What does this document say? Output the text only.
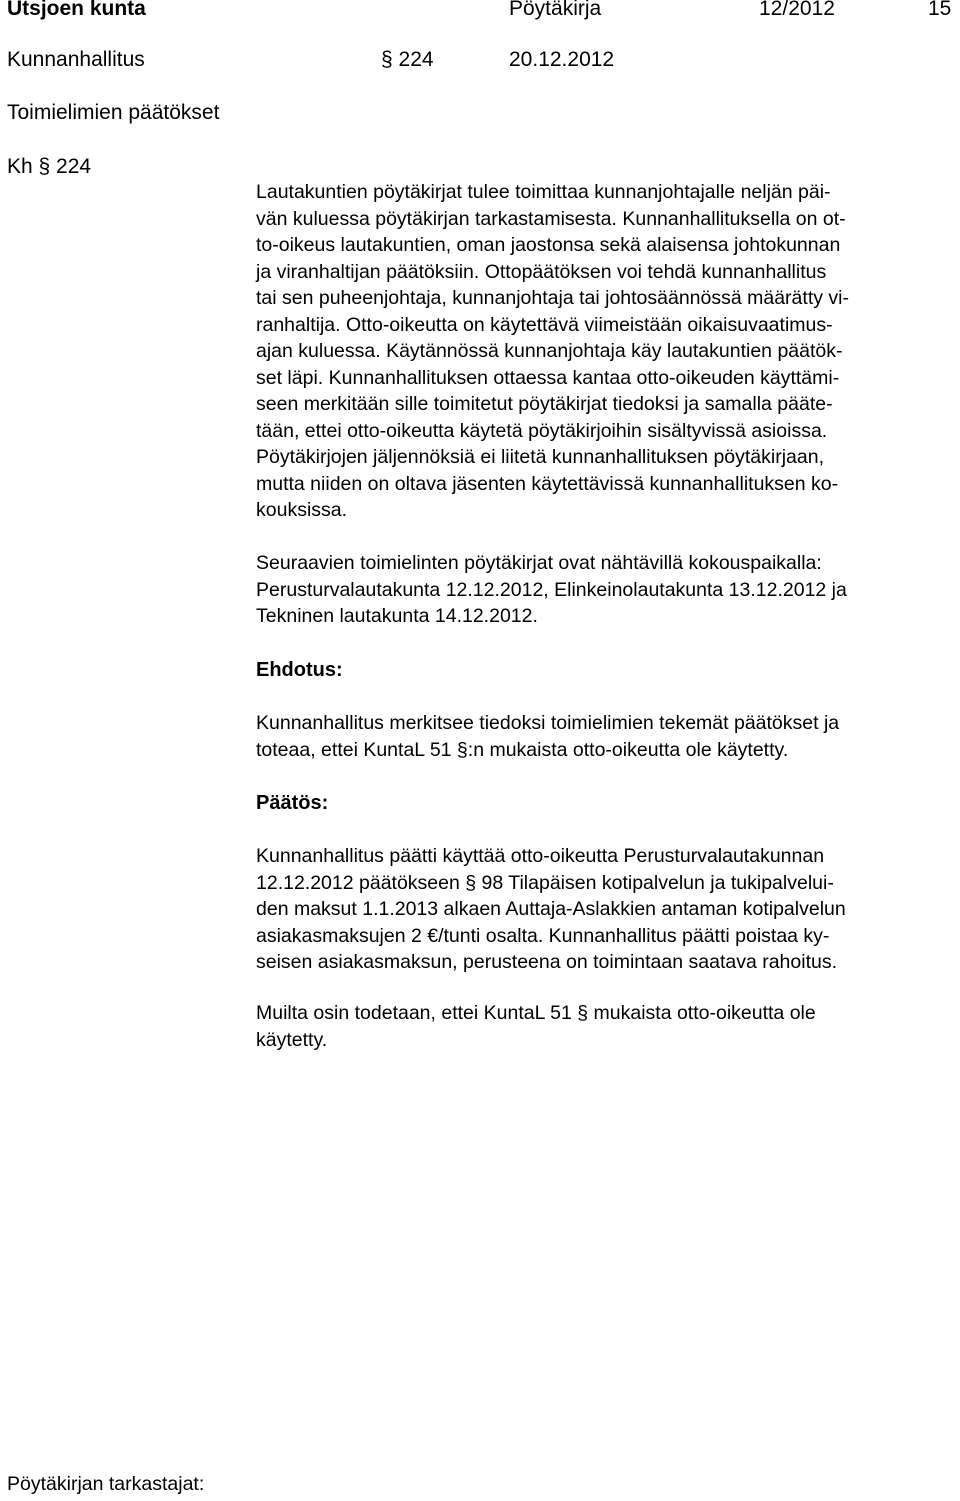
Utsjoen kunta	Pöytäkirja	12/2012	15
Kunnanhallitus	§ 224	20.12.2012
Toimielimien päätökset
Kh § 224

Lautakuntien pöytäkirjat tulee toimittaa kunnanjohtajalle neljän päi-

vän kuluessa pöytäkirjan tarkastamisesta. Kunnanhallituksella on ot-

to-oikeus lautakuntien, oman jaostonsa sekä alaisensa johtokunnan

ja viranhaltijan päätöksiin. Ottopäätöksen voi tehdä kunnanhallitus

tai sen puheenjohtaja, kunnanjohtaja tai johtosäännössä määrätty vi-

ranhaltija. Otto-oikeutta on käytettävä viimeistään oikaisuvaatimus-

ajan kuluessa. Käytännössä kunnanjohtaja käy lautakuntien päätök-

set läpi. Kunnanhallituksen ottaessa kantaa otto-oikeuden käyttämi-

seen merkitään sille toimitetut pöytäkirjat tiedoksi ja samalla pääte-

tään, ettei otto-oikeutta käytetä pöytäkirjoihin sisältyvissä asioissa.

Pöytäkirjojen jäljennöksiä ei liitetä kunnanhallituksen pöytäkirjaan,

mutta niiden on oltava jäsenten käytettävissä kunnanhallituksen ko-

kouksissa.

Seuraavien toimielinten pöytäkirjat ovat nähtävillä kokouspaikalla:

Perusturvalautakunta 12.12.2012, Elinkeinolautakunta 13.12.2012 ja

Tekninen lautakunta 14.12.2012.

Ehdotus:

Kunnanhallitus merkitsee tiedoksi toimielimien tekemät päätökset ja

toteaa, ettei KuntaL 51 §:n mukaista otto-oikeutta ole käytetty.

Päätös:

Kunnanhallitus päätti käyttää otto-oikeutta Perusturvalautakunnan

12.12.2012 päätökseen § 98 Tilapäisen kotipalvelun ja tukipalvelui-

den maksut 1.1.2013 alkaen Auttaja-Aslakkien antaman kotipalvelun

asiakasmaksujen 2 €/tunti osalta. Kunnanhallitus päätti poistaa ky-

seisen asiakasmaksun, perusteena on toimintaan saatava rahoitus.

Muilta osin todetaan, ettei KuntaL 51 § mukaista otto-oikeutta ole

käytetty.

Pöytäkirjan tarkastajat:
